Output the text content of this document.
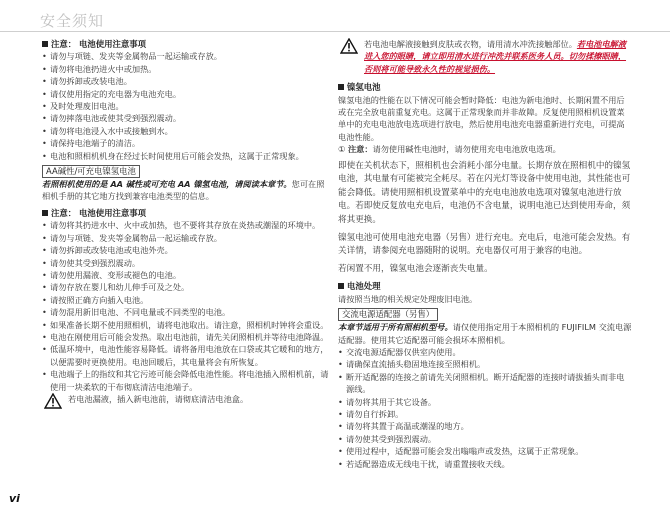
安全须知

注意： 电池使用注意事项

• 请勿与项链、发夹等金属物品一起运输或存放。
• 请勿将电池扔进火中或加热。
• 请勿拆卸或改装电池。
• 请仅使用指定的充电器为电池充电。
• 及时处理废旧电池。
• 请勿摔落电池或使其受到强烈震动。
• 请勿将电池浸入水中或接触到水。
• 请保持电池端子的清洁。
• 电池和照相机机身在经过长时间使用后可能会发热，这属于正常现象。
AA碱性/可充电镍氢电池

若照相机使用的是 AA 碱性或可充电 AA 镍氢电池，请阅读本章节。您可在照相机手册的其它地方找到兼容电池类型的信息。

注意： 电池使用注意事项

• 请勿将其扔进水中、火中或加热，也不要将其存放在炎热或潮湿的环境中。
• 请勿与项链、发夹等金属物品一起运输或存放。
• 请勿拆卸或改装电池或电池外壳。
• 请勿使其受到强烈震动。
• 请勿使用漏液、变形或褪色的电池。
• 请勿存放在婴儿和幼儿伸手可及之处。
• 请按照正确方向插入电池。
• 请勿混用新旧电池、不同电量或不同类型的电池。
• 如果准备长期不使用照相机，请将电池取出。请注意，照相机时钟将会重设。
• 电池在刚使用后可能会发热。取出电池前，请先关闭照相机并等待电池降温。
• 低温环境中，电池性能容易降低。请将备用电池放在口袋或其它暖和的地方，以便需要时更换使用。电池回暖后，其电量将会有所恢复。
• 电池端子上的指纹和其它污迹可能会降低电池性能。将电池插入照相机前，请使用一块柔软的干布彻底清洁电池端子。
若电池漏液，插入新电池前，请彻底清洁电池盒。
若电池电解液接触到皮肤或衣物，请用清水冲洗接触部位。若电池电解液进入您的眼睛，请立即用清水进行冲洗并联系医务人员。切勿揉擦眼睛，否则将可能导致永久性的视觉损伤。

镍氢电池

镍氢电池的性能在以下情况可能会暂时降低：电池为新电池时、长期闲置不用后或在完全放电前重复充电。这属于正常现象而并非故障。反复使用照相机设置菜单中的充电电池放电选项进行放电，然后使用电池充电器重新进行充电，可提高电池性能。

① 注意：请勿使用碱性电池时，请勿使用充电电池放电选项。

即使在关机状态下，照相机也会消耗小部分电量。长期存放在照相机中的镍氢电池，其电量有可能被完全耗尽。若在闪光灯等设备中使用电池，其性能也可能会降低。请使用照相机设置菜单中的充电电池放电选项对镍氢电池进行放电。若即使反复放电充电后，电池仍不含电量，说明电池已达到使用寿命，须将其更换。

镍氢电池可使用电池充电器（另售）进行充电。充电后，电池可能会发热。有关详情，请参阅充电器随附的说明。充电器仅可用于兼容的电池。

若闲置不用，镍氢电池会逐渐丧失电量。

电池处理

请按照当地的相关规定处理废旧电池。

交流电源适配器（另售）

本章节适用于所有照相机型号。请仅使用指定用于本照相机的 FUJIFILM 交流电源适配器。使用其它适配器可能会损坏本照相机。

• 交流电源适配器仅供室内使用。
• 请确保直流插头稳固地连接至照相机。
• 断开适配器的连接之前请先关闭照相机。断开适配器的连接时请拔插头而非电源线。
• 请勿将其用于其它设备。
• 请勿自行拆卸。
• 请勿将其置于高温或潮湿的地方。
• 请勿使其受到强烈震动。
• 使用过程中，适配器可能会发出嗡嗡声或发热，这属于正常现象。
• 若适配器造成无线电干扰，请重置接收天线。
vi
